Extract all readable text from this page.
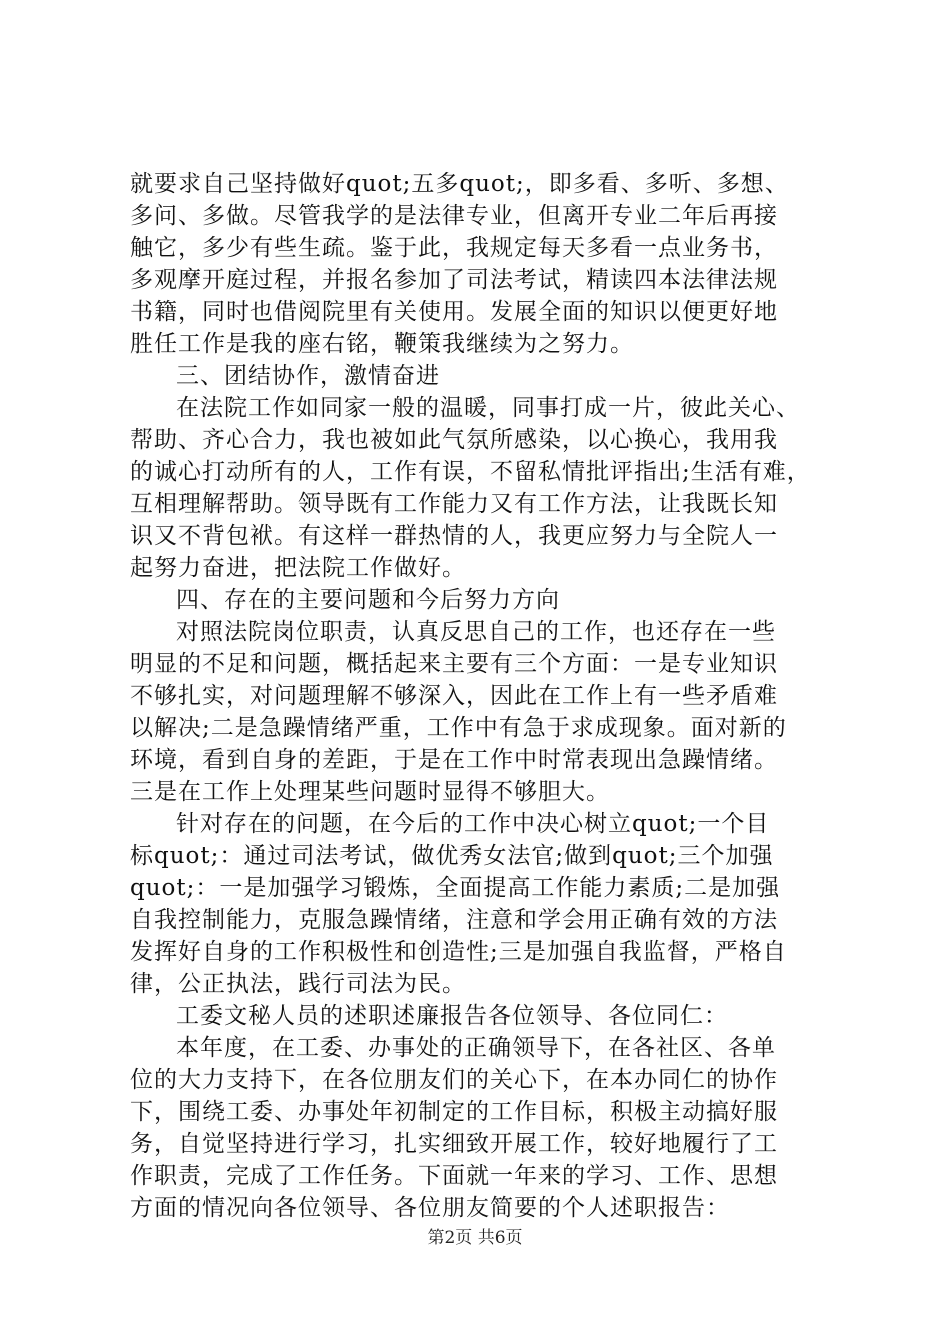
就要求自己坚持做好quot;五多quot;，即多看、多听、多想、
多问、多做。尽管我学的是法律专业，但离开专业二年后再接
触它，多少有些生疏。鉴于此，我规定每天多看一点业务书，
多观摩开庭过程，并报名参加了司法考试，精读四本法律法规
书籍，同时也借阅院里有关使用。发展全面的知识以便更好地
胜任工作是我的座右铭，鞭策我继续为之努力。
三、团结协作，激情奋进
在法院工作如同家一般的温暖，同事打成一片，彼此关心、
帮助、齐心合力，我也被如此气氛所感染，以心换心，我用我
的诚心打动所有的人，工作有误，不留私情批评指出;生活有难，
互相理解帮助。领导既有工作能力又有工作方法，让我既长知
识又不背包袱。有这样一群热情的人，我更应努力与全院人一
起努力奋进，把法院工作做好。
四、存在的主要问题和今后努力方向
对照法院岗位职责，认真反思自己的工作，也还存在一些
明显的不足和问题，概括起来主要有三个方面：一是专业知识
不够扎实，对问题理解不够深入，因此在工作上有一些矛盾难
以解决;二是急躁情绪严重，工作中有急于求成现象。面对新的
环境，看到自身的差距，于是在工作中时常表现出急躁情绪。
三是在工作上处理某些问题时显得不够胆大。
针对存在的问题，在今后的工作中决心树立quot;一个目
标quot;：通过司法考试，做优秀女法官;做到quot;三个加强
quot;：一是加强学习锻炼，全面提高工作能力素质;二是加强
自我控制能力，克服急躁情绪，注意和学会用正确有效的方法
发挥好自身的工作积极性和创造性;三是加强自我监督，严格自
律，公正执法，践行司法为民。
工委文秘人员的述职述廉报告各位领导、各位同仁：
本年度，在工委、办事处的正确领导下，在各社区、各单
位的大力支持下，在各位朋友们的关心下，在本办同仁的协作
下，围绕工委、办事处年初制定的工作目标，积极主动搞好服
务，自觉坚持进行学习，扎实细致开展工作，较好地履行了工
作职责，完成了工作任务。下面就一年来的学习、工作、思想
方面的情况向各位领导、各位朋友简要的个人述职报告：
第2页 共6页
